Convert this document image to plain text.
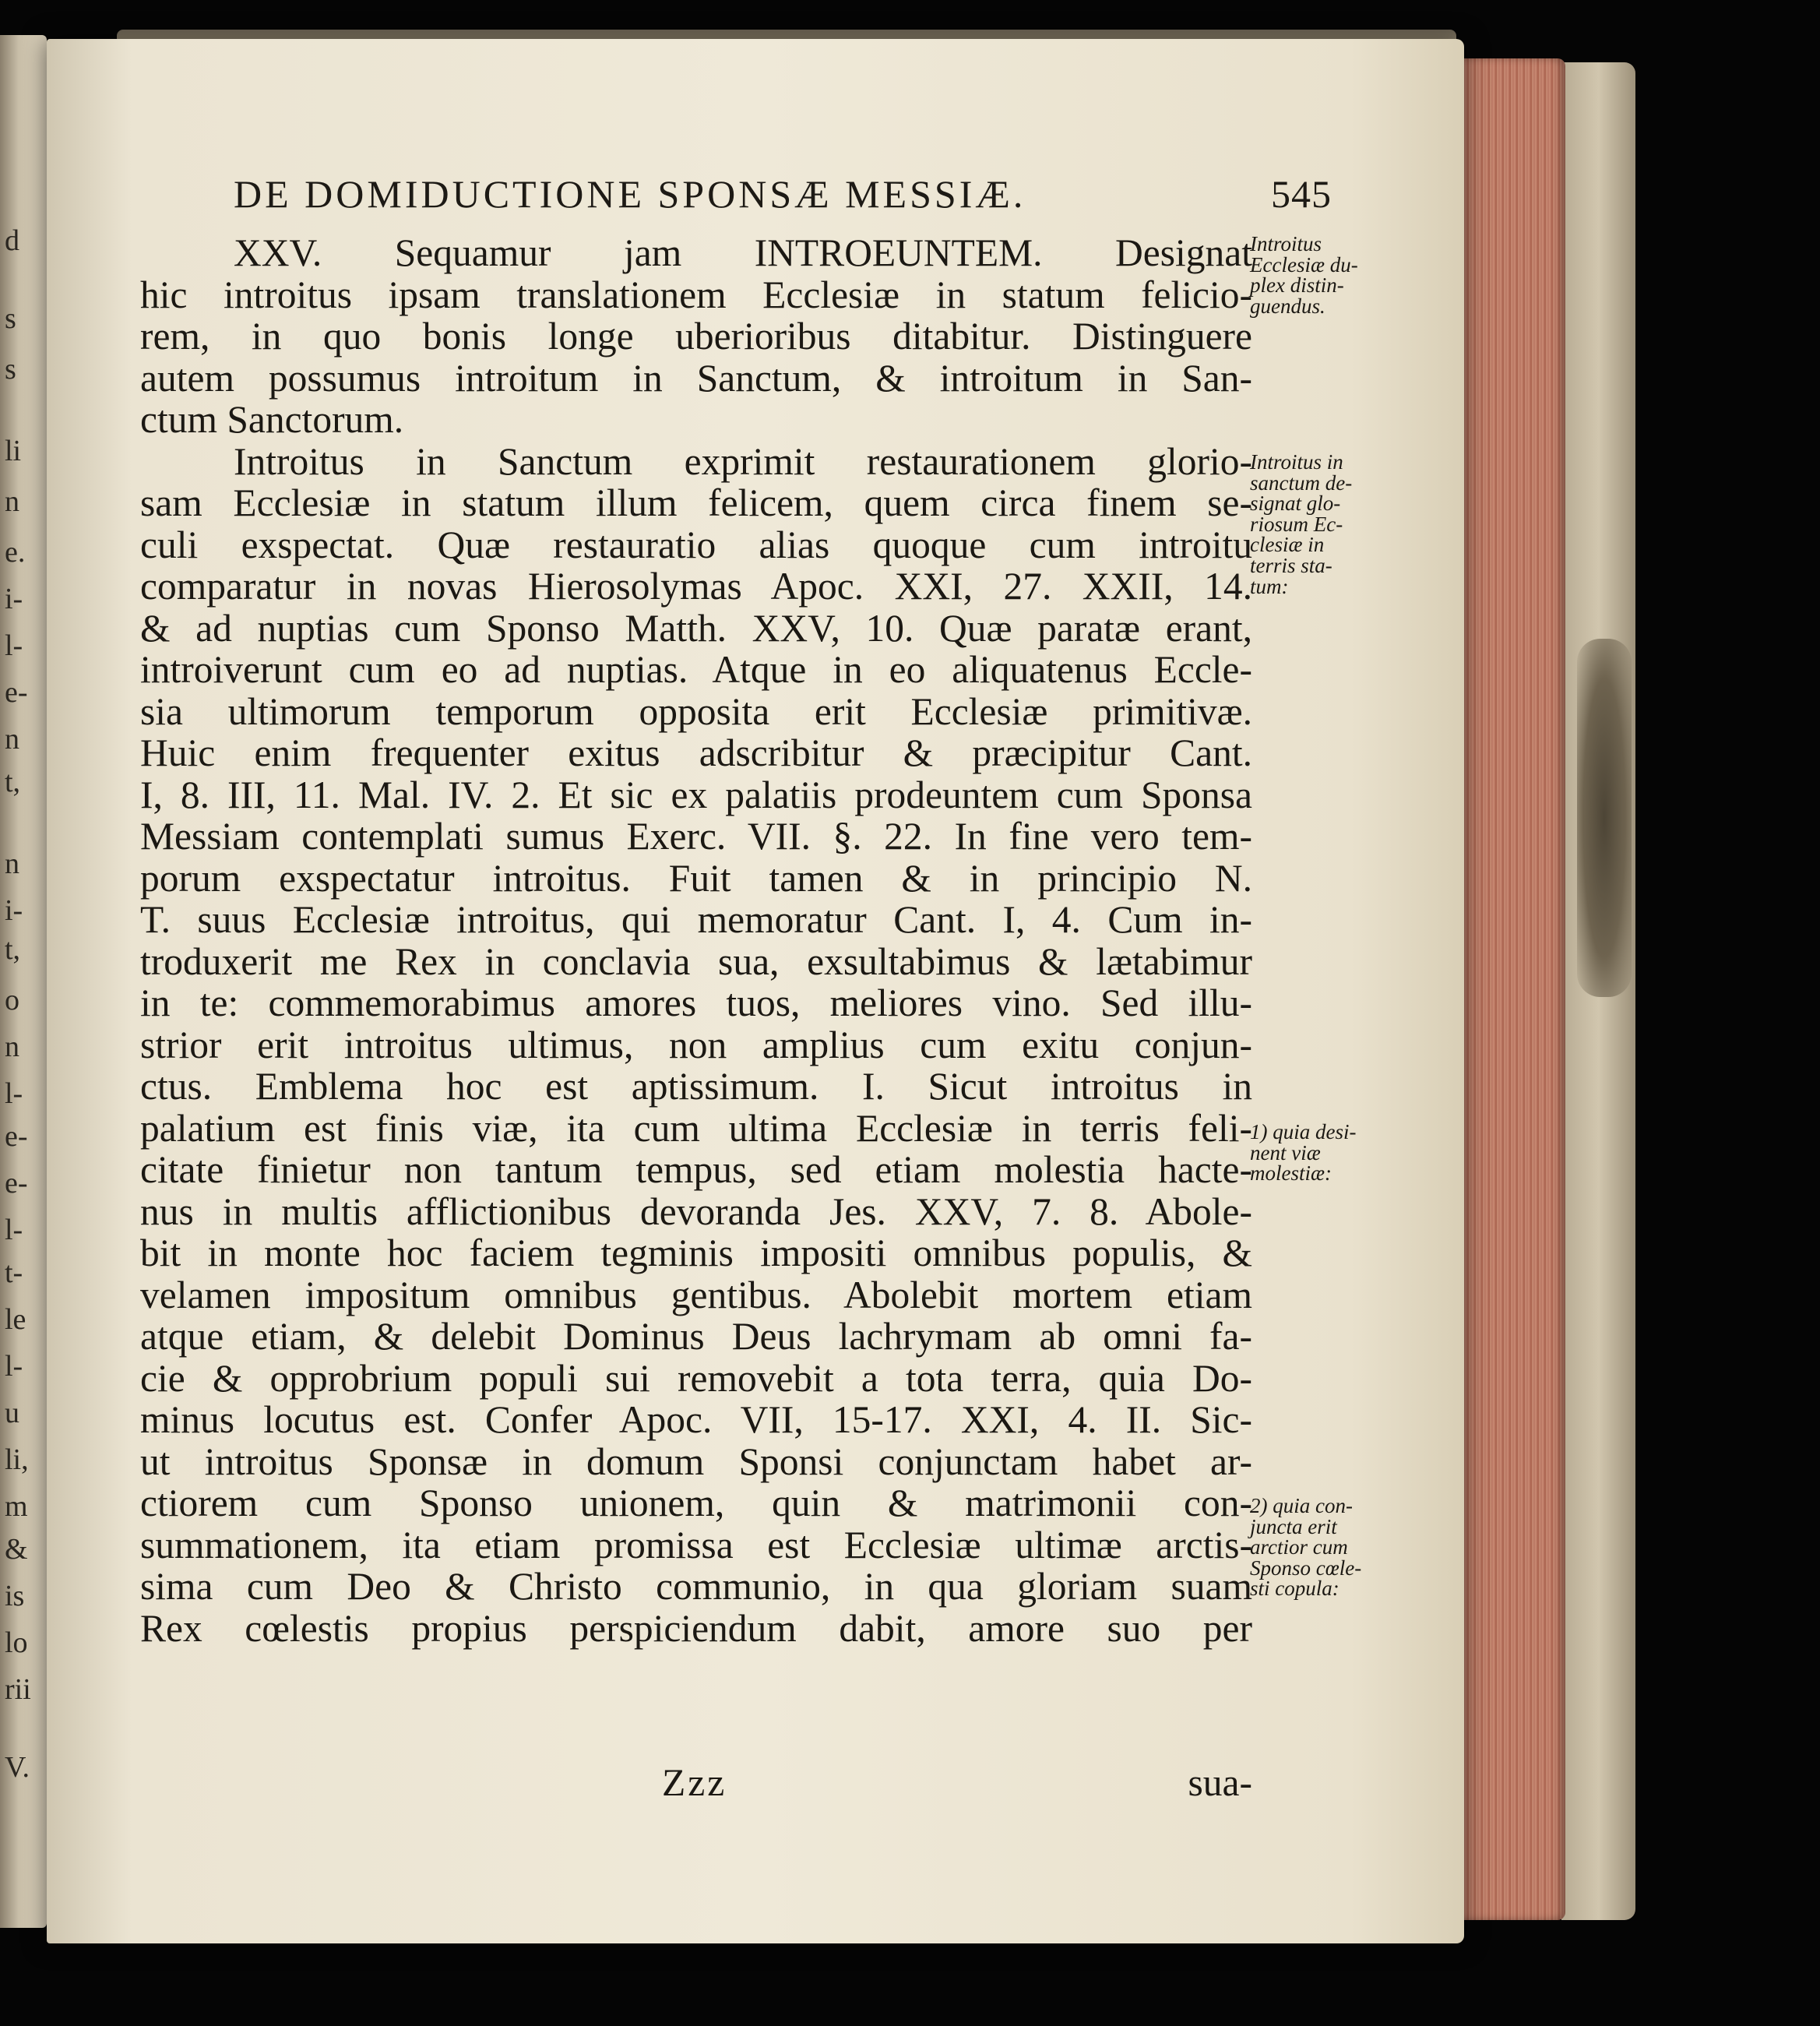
d
s
s
li
n
e.
i-
l-
e-
n
t,
n
i-
t,
o
n
l-
e-
e-
l-
t-
le
l-
u
li,
m
&
is
lo
rii
V.
DE DOMIDUCTIONE SPONSÆ MESSIÆ.	545
XXV. Sequamur jam INTROEUNTEM. Designat
hic introitus ipsam translationem Ecclesiæ in statum felicio-
rem, in quo bonis longe uberioribus ditabitur. Distinguere
autem possumus introitum in Sanctum, & introitum in San-
ctum Sanctorum.
Introitus in Sanctum exprimit restaurationem glorio-
sam Ecclesiæ in statum illum felicem, quem circa finem se-
culi exspectat. Quæ restauratio alias quoque cum introitu
comparatur in novas Hierosolymas Apoc. XXI, 27. XXII, 14.
& ad nuptias cum Sponso Matth. XXV, 10. Quæ paratæ erant,
introiverunt cum eo ad nuptias. Atque in eo aliquatenus Eccle-
sia ultimorum temporum opposita erit Ecclesiæ primitivæ.
Huic enim frequenter exitus adscribitur & præcipitur Cant.
I, 8. III, 11. Mal. IV. 2. Et sic ex palatiis prodeuntem cum Sponsa
Messiam contemplati sumus Exerc. VII. §. 22. In fine vero tem-
porum exspectatur introitus. Fuit tamen & in principio N.
T. suus Ecclesiæ introitus, qui memoratur Cant. I, 4. Cum in-
troduxerit me Rex in conclavia sua, exsultabimus & lætabimur
in te: commemorabimus amores tuos, meliores vino. Sed illu-
strior erit introitus ultimus, non amplius cum exitu conjun-
ctus. Emblema hoc est aptissimum. I. Sicut introitus in
palatium est finis viæ, ita cum ultima Ecclesiæ in terris feli-
citate finietur non tantum tempus, sed etiam molestia hacte-
nus in multis afflictionibus devoranda Jes. XXV, 7. 8. Abole-
bit in monte hoc faciem tegminis impositi omnibus populis, &
velamen impositum omnibus gentibus. Abolebit mortem etiam
atque etiam, & delebit Dominus Deus lachrymam ab omni fa-
cie & opprobrium populi sui removebit a tota terra, quia Do-
minus locutus est. Confer Apoc. VII, 15-17. XXI, 4. II. Sic-
ut introitus Sponsæ in domum Sponsi conjunctam habet ar-
ctiorem cum Sponso unionem, quin & matrimonii con-
summationem, ita etiam promissa est Ecclesiæ ultimæ arctis-
sima cum Deo & Christo communio, in qua gloriam suam
Rex cœlestis propius perspiciendum dabit, amore suo per
Introitus
Ecclesiæ du-
plex distin-
guendus.
Introitus in
sanctum de-
signat glo-
riosum Ec-
clesiæ in
terris sta-
tum:
1) quia desi-
nent viæ
molestiæ:
2) quia con-
juncta erit
arctior cum
Sponso cœle-
sti copula:
Zzz	sua-
